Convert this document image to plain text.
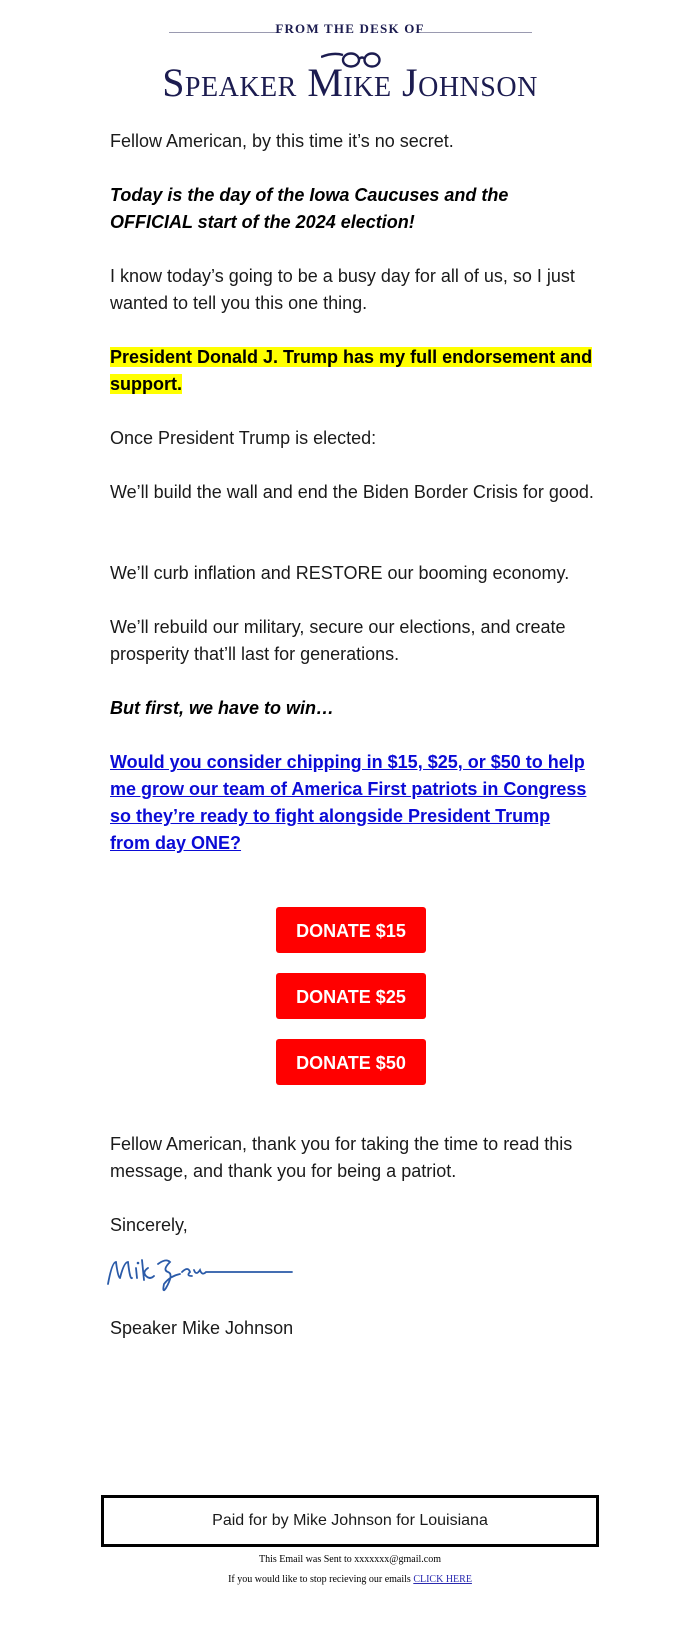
FROM THE DESK OF
Speaker Mike Johnson

Fellow American, by this time it’s no secret.

Today is the day of the Iowa Caucuses and the OFFICIAL start of the 2024 election!

I know today’s going to be a busy day for all of us, so I just wanted to tell you this one thing.

President Donald J. Trump has my full endorsement and support.

Once President Trump is elected:

We’ll build the wall and end the Biden Border Crisis for good.

We’ll curb inflation and RESTORE our booming economy.

We’ll rebuild our military, secure our elections, and create prosperity that’ll last for generations.

But first, we have to win…

Would you consider chipping in $15, $25, or $50 to help me grow our team of America First patriots in Congress so they’re ready to fight alongside President Trump from day ONE?

DONATE $15
DONATE $25
DONATE $50

Fellow American, thank you for taking the time to read this message, and thank you for being a patriot.

Sincerely,

Speaker Mike Johnson

Paid for by Mike Johnson for Louisiana
This Email was Sent to xxxxxxx@gmail.com
If you would like to stop recieving our emails CLICK HERE
